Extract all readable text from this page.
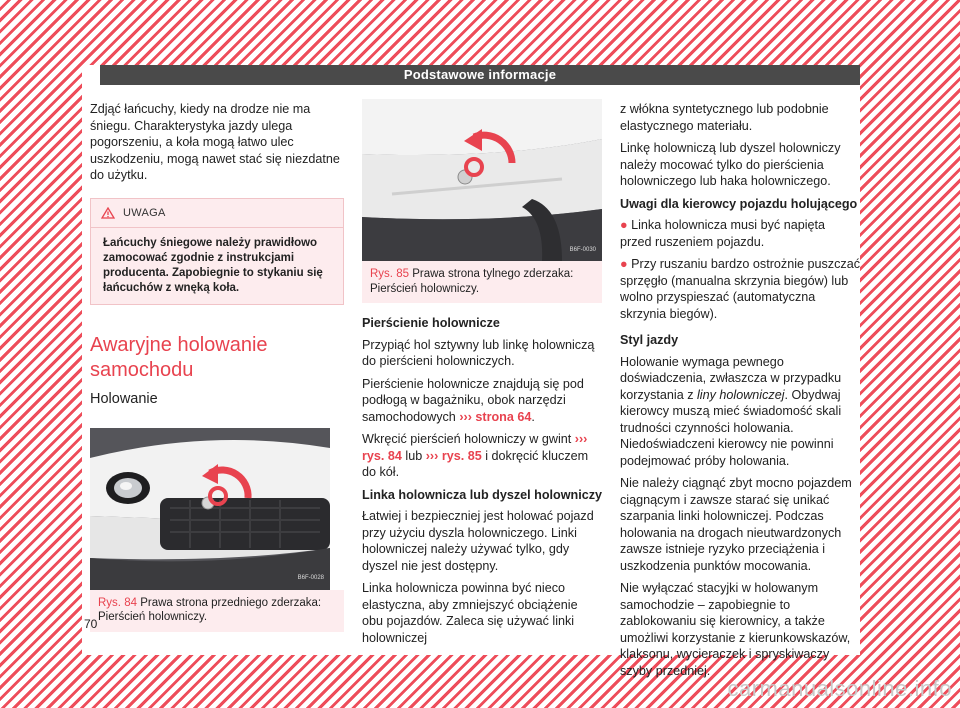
Podstawowe informacje

Zdjąć łańcuchy, kiedy na drodze nie ma śniegu. Charakterystyka jazdy ulega pogorszeniu, a koła mogą łatwo ulec uszkodzeniu, mogą nawet stać się niezdatne do użytku.

UWAGA
Łańcuchy śniegowe należy prawidłowo zamocować zgodnie z instrukcjami producenta. Zapobiegnie to stykaniu się łańcuchów z wnęką koła.
Awaryjne holowanie samochodu
Holowanie
B6F-0028
Rys. 84 Prawa strona przedniego zderzaka: Pierścień holowniczy.
B6F-0030
Rys. 85 Prawa strona tylnego zderzaka: Pierścień holowniczy.

Pierścienie holownicze

Przypiąć hol sztywny lub linkę holowniczą do pierścieni holowniczych.

Pierścienie holownicze znajdują się pod podłogą w bagażniku, obok narzędzi samochodowych ››› strona 64.

Wkręcić pierścień holowniczy w gwint ››› rys. 84 lub ››› rys. 85 i dokręcić kluczem do kół.

Linka holownicza lub dyszel holowniczy

Łatwiej i bezpieczniej jest holować pojazd przy użyciu dyszla holowniczego. Linki holowniczej należy używać tylko, gdy dyszel nie jest dostępny.

Linka holownicza powinna być nieco elastyczna, aby zmniejszyć obciążenie obu pojazdów. Zaleca się używać linki holowniczej

z włókna syntetycznego lub podobnie elastycznego materiału.

Linkę holowniczą lub dyszel holowniczy należy mocować tylko do pierścienia holowniczego lub haka holowniczego.

Uwagi dla kierowcy pojazdu holującego

● Linka holownicza musi być napięta przed ruszeniem pojazdu.

● Przy ruszaniu bardzo ostrożnie puszczać sprzęgło (manualna skrzynia biegów) lub wolno przyspieszać (automatyczna skrzynia biegów).

Styl jazdy

Holowanie wymaga pewnego doświadczenia, zwłaszcza w przypadku korzystania z liny holowniczej. Obydwaj kierowcy muszą mieć świadomość skali trudności czynności holowania. Niedoświadczeni kierowcy nie powinni podejmować próby holowania.

Nie należy ciągnąć zbyt mocno pojazdem ciągnącym i zawsze starać się unikać szarpania linki holowniczej. Podczas holowania na drogach nieutwardzonych zawsze istnieje ryzyko przeciążenia i uszkodzenia punktów mocowania.

Nie wyłączać stacyjki w holowanym samochodzie – zapobiegnie to zablokowaniu się kierownicy, a także umożliwi korzystanie z kierunkowskazów, klaksonu, wycieraczek i spryskiwaczy szyby przedniej.

70
carmanualsonline.info
